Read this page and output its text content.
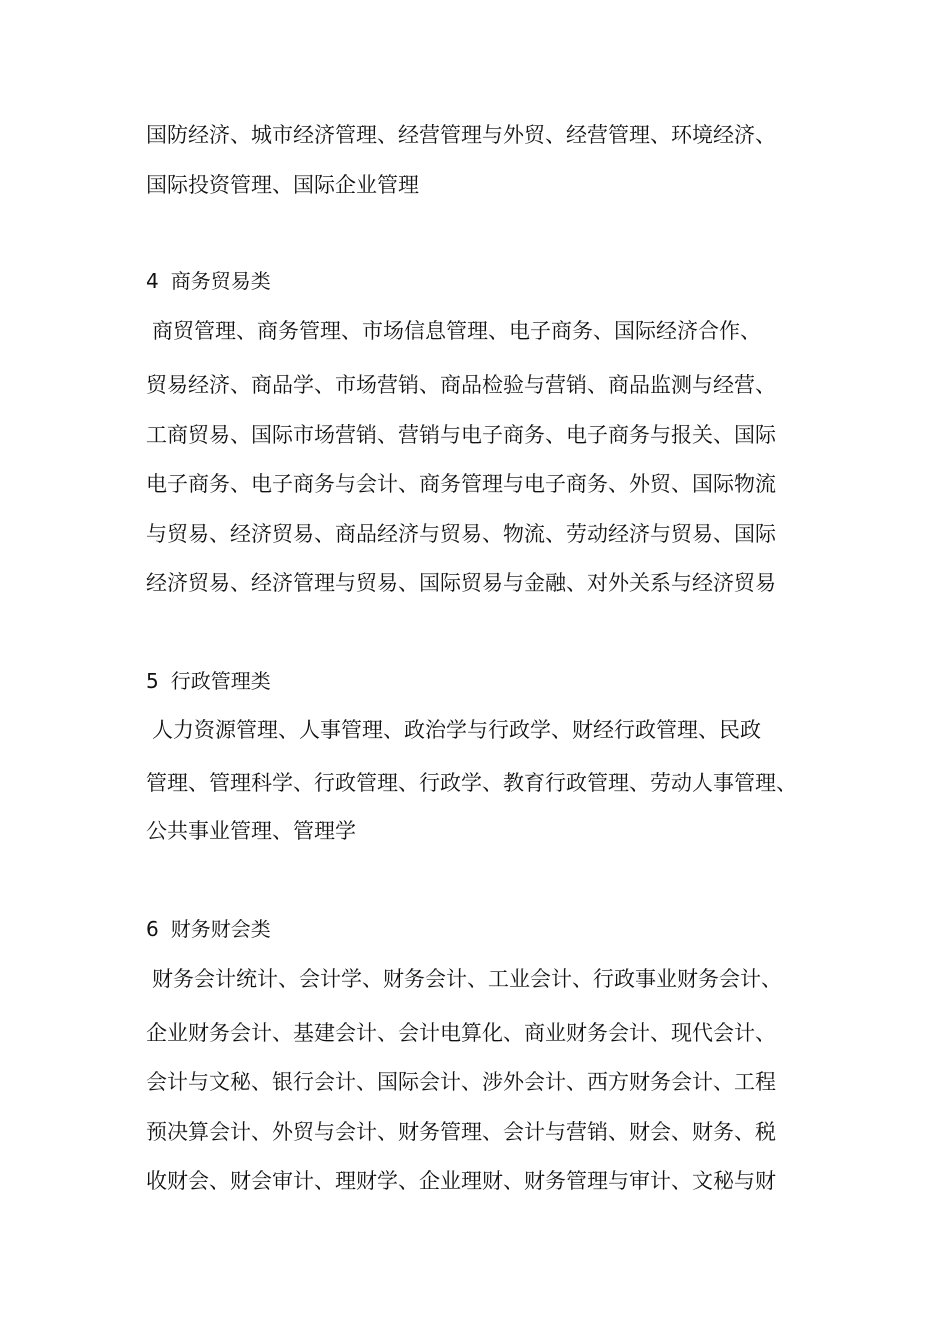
国防经济、城市经济管理、经营管理与外贸、经营管理、环境经济、
国际投资管理、国际企业管理
4 商务贸易类
商贸管理、商务管理、市场信息管理、电子商务、国际经济合作、
贸易经济、商品学、市场营销、商品检验与营销、商品监测与经营、
工商贸易、国际市场营销、营销与电子商务、电子商务与报关、国际
电子商务、电子商务与会计、商务管理与电子商务、外贸、国际物流
与贸易、经济贸易、商品经济与贸易、物流、劳动经济与贸易、国际
经济贸易、经济管理与贸易、国际贸易与金融、对外关系与经济贸易
5 行政管理类
人力资源管理、人事管理、政治学与行政学、财经行政管理、民政
管理、管理科学、行政管理、行政学、教育行政管理、劳动人事管理、
公共事业管理、管理学
6 财务财会类
财务会计统计、会计学、财务会计、工业会计、行政事业财务会计、
企业财务会计、基建会计、会计电算化、商业财务会计、现代会计、
会计与文秘、银行会计、国际会计、涉外会计、西方财务会计、工程
预决算会计、外贸与会计、财务管理、会计与营销、财会、财务、税
收财会、财会审计、理财学、企业理财、财务管理与审计、文秘与财
